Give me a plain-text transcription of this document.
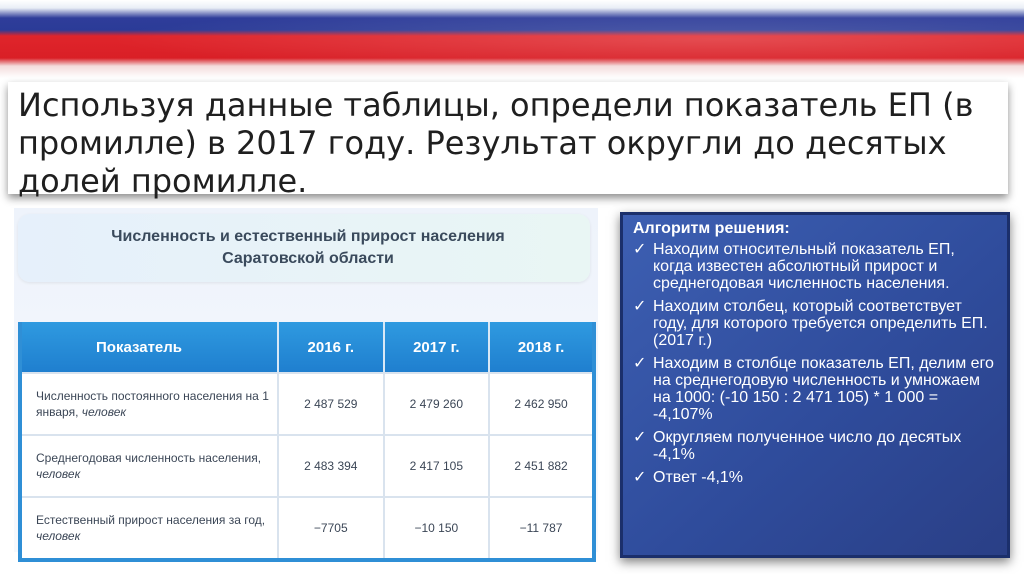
Используя данные таблицы, определи показатель ЕП (в промилле) в 2017 году. Результат округли до десятых долей промилле.
Численность и естественный прирост населения
Саратовской области
Показатель	2016 г.	2017 г.	2018 г.
Численность постоянного населения на 1 января, человек	2 487 529	2 479 260	2 462 950
Среднегодовая численность населения, человек	2 483 394	2 417 105	2 451 882
Естественный прирост населения за год, человек	−7705	−10 150	−11 787

Алгоритм решения:

✓ Находим относительный показатель ЕП, когда известен абсолютный прирост и среднегодовая численность населения.
✓ Находим столбец, который соответствует году, для которого требуется определить ЕП. (2017 г.)
✓ Находим в столбце показатель ЕП, делим его на среднегодовую численность и умножаем на 1000: (-10 150 : 2 471 105) * 1 000 = -4,107%
✓ Округляем полученное число до десятых -4,1%
✓ Ответ -4,1%
